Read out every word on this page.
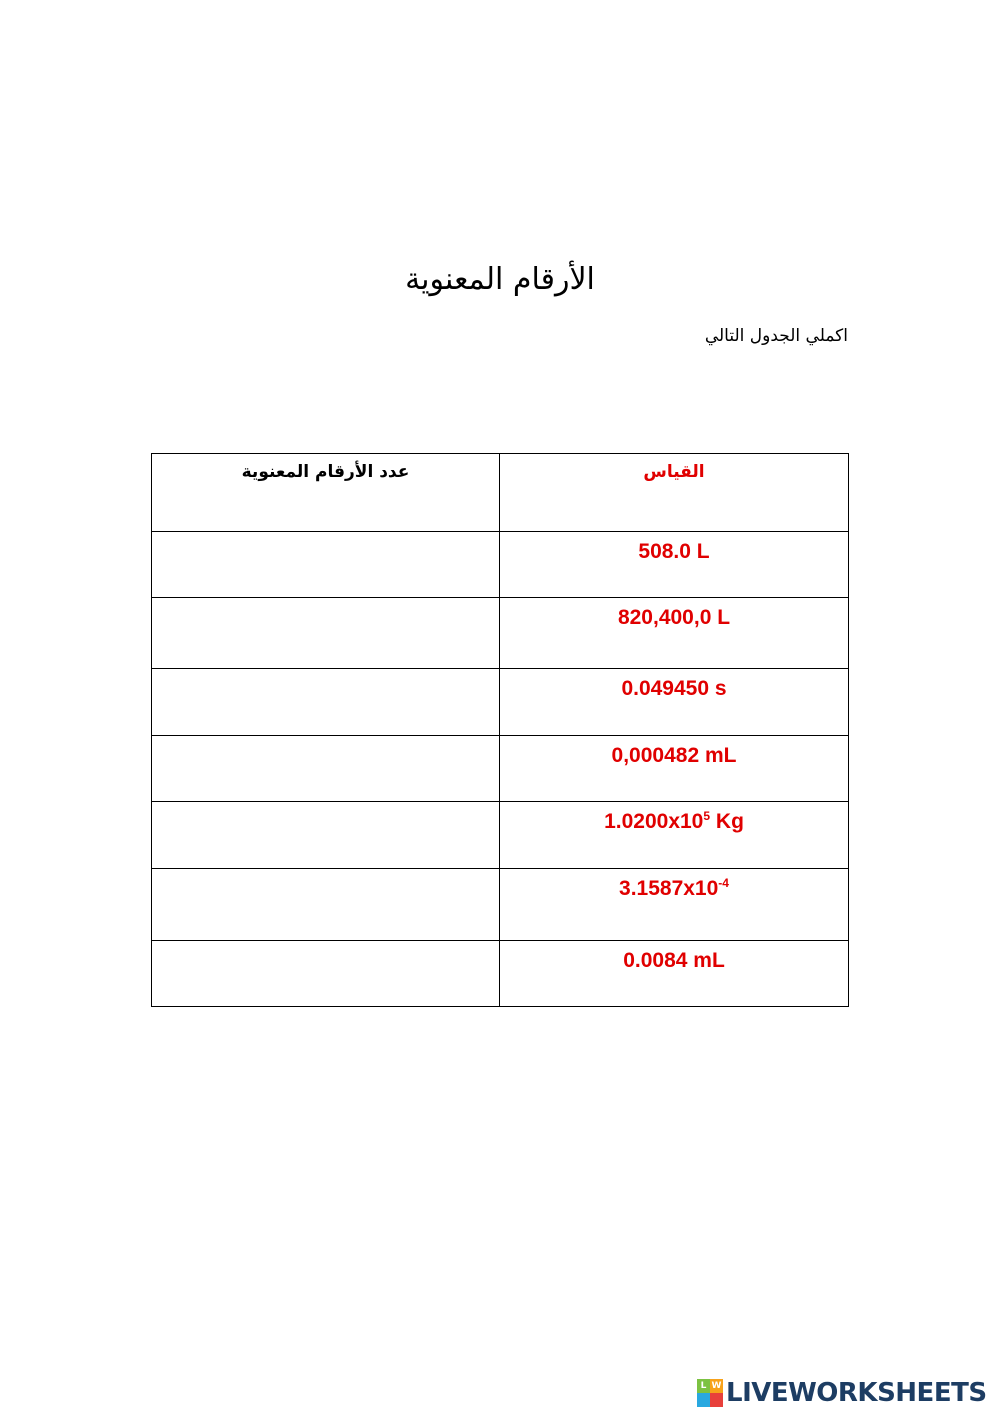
الأرقام المعنوية
اكملي الجدول التالي
عدد الأرقام المعنوية	القياس
	508.0 L
	820,400,0 L
	0.049450 s
	0,000482 mL
	$1.0200x10^5$ Kg
	$3.1587x10^{-4}$
	0.0084 mL
L W LIVEWORKSHEETS
